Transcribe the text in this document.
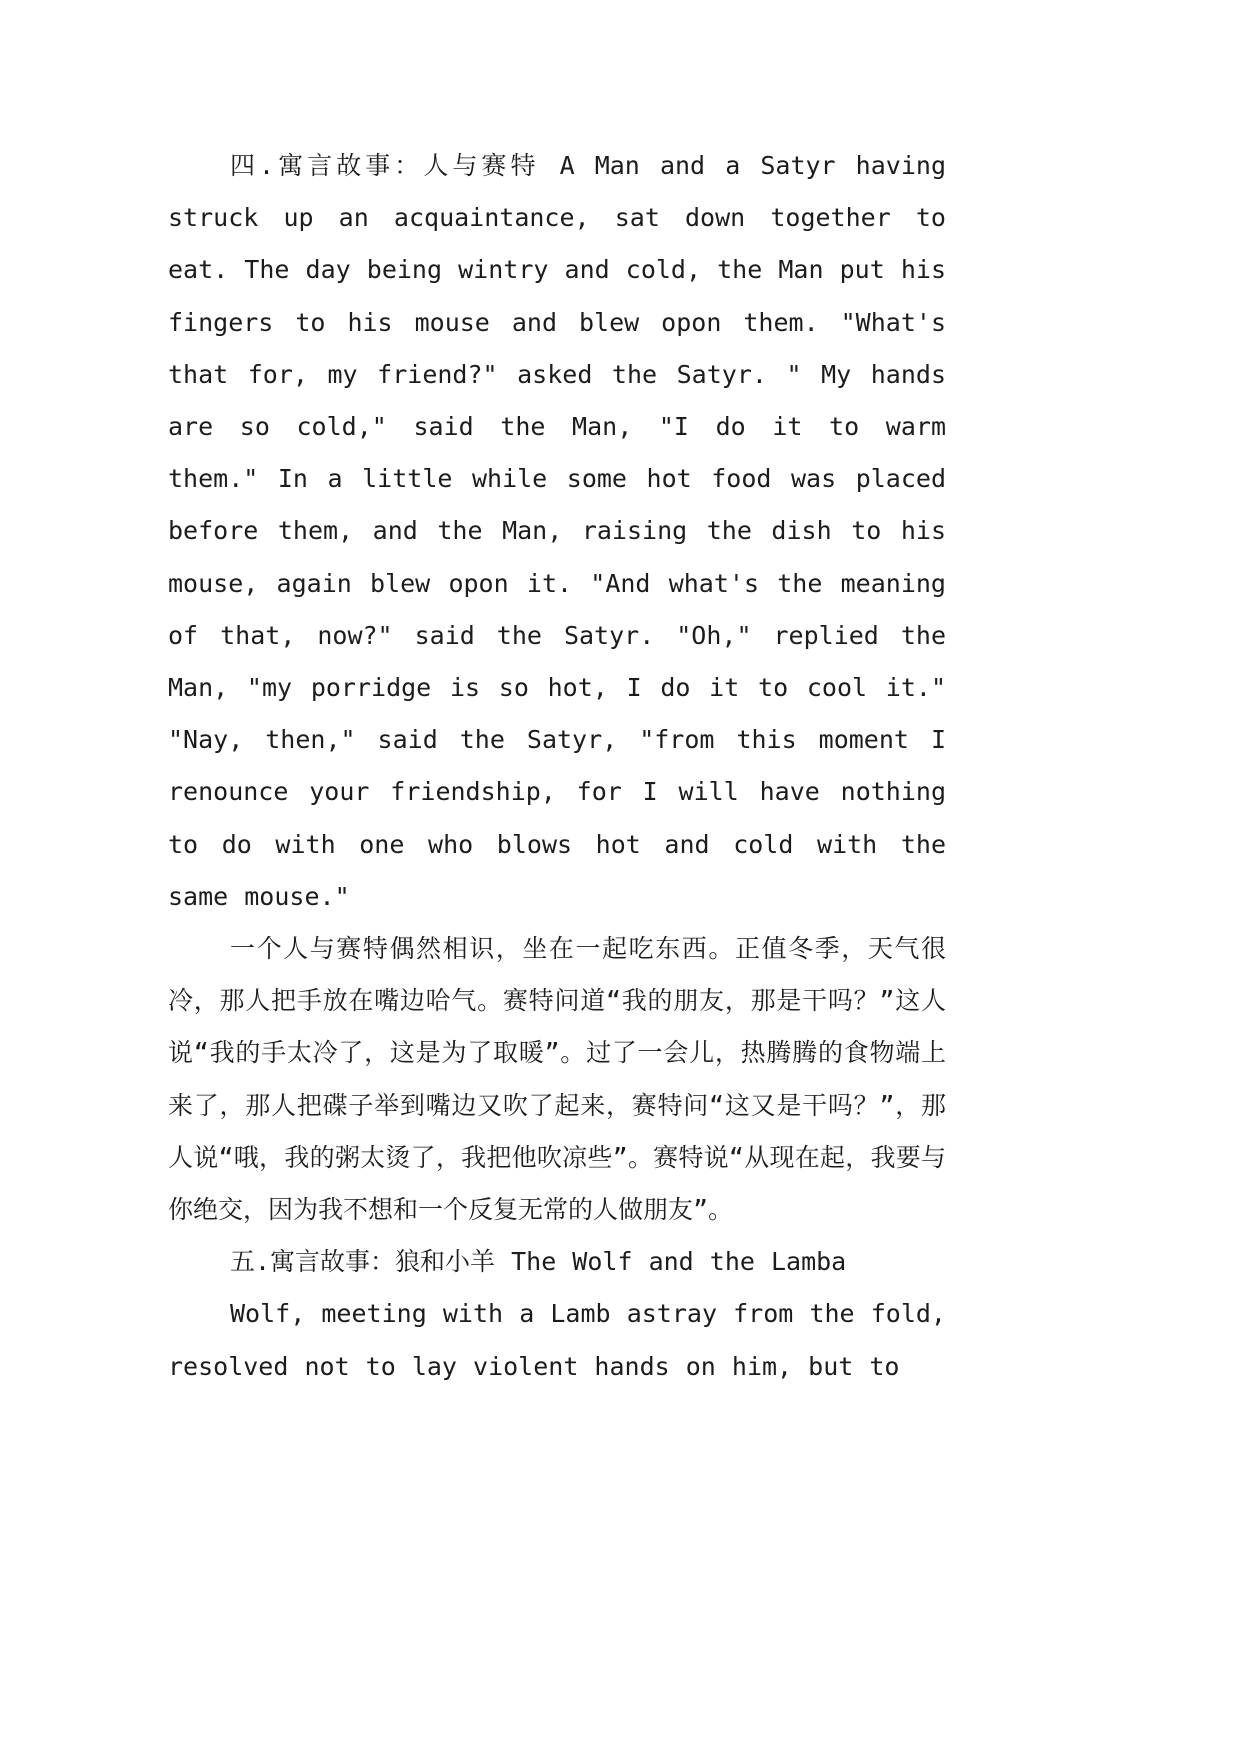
四.寓言故事：人与赛特 A Man and a Satyr having struck up an acquaintance, sat down together to eat. The day being wintry and cold, the Man put his fingers to his mouse and blew opon them. "What's that for, my friend?" asked the Satyr. " My hands are so cold," said the Man, "I do it to warm them." In a little while some hot food was placed before them, and the Man, raising the dish to his mouse, again blew opon it. "And what's the meaning of that, now?" said the Satyr. "Oh," replied the Man, "my porridge is so hot, I do it to cool it." "Nay, then," said the Satyr, "from this moment I renounce your friendship, for I will have nothing to do with one who blows hot and cold with the same mouse."

一个人与赛特偶然相识，坐在一起吃东西。正值冬季，天气很冷，那人把手放在嘴边哈气。赛特问道“我的朋友，那是干吗？”这人说“我的手太冷了，这是为了取暖”。过了一会儿，热腾腾的食物端上来了，那人把碟子举到嘴边又吹了起来，赛特问“这又是干吗？”，那人说“哦，我的粥太烫了，我把他吹凉些”。赛特说“从现在起，我要与你绝交，因为我不想和一个反复无常的人做朋友”。

五.寓言故事：狼和小羊 The Wolf and the Lamba

Wolf, meeting with a Lamb astray from the fold, resolved not to lay violent hands on him, but to
